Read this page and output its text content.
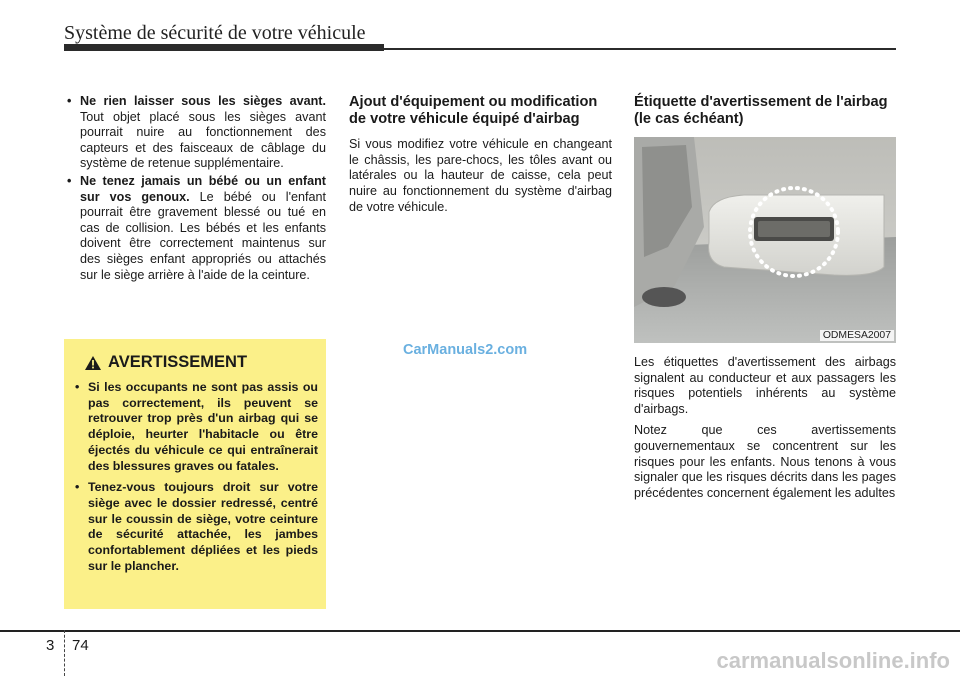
Système de sécurité de votre véhicule
• Ne rien laisser sous les sièges avant. Tout objet placé sous les sièges avant pourrait nuire au fonctionnement des capteurs et des faisceaux de câblage du système de retenue supplémentaire.
• Ne tenez jamais un bébé ou un enfant sur vos genoux. Le bébé ou l'enfant pourrait être gravement blessé ou tué en cas de collision. Les bébés et les enfants doivent être correctement maintenus sur des sièges enfant appropriés ou attachés sur le siège arrière à l'aide de la ceinture.
AVERTISSEMENT
• Si les occupants ne sont pas assis ou pas correctement, ils peuvent se retrouver trop près d'un airbag qui se déploie, heurter l'habitacle ou être éjectés du véhicule ce qui entraînerait des blessures graves ou fatales.
• Tenez-vous toujours droit sur votre siège avec le dossier redressé, centré sur le coussin de siège, votre ceinture de sécurité attachée, les jambes confortablement dépliées et les pieds sur le plancher.
Ajout d'équipement ou modification de votre véhicule équipé d'airbag

Si vous modifiez votre véhicule en changeant le châssis, les pare-chocs, les tôles avant ou latérales ou la hauteur de caisse, cela peut nuire au fonctionnement du système d'airbag de votre véhicule.

Étiquette d'avertissement de l'airbag (le cas échéant)
ODMESA2007

Les étiquettes d'avertissement des airbags signalent au conducteur et aux passagers les risques potentiels inhérents au système d'airbags.

Notez que ces avertissements gouvernementaux se concentrent sur les risques pour les enfants. Nous tenons à vous signaler que les risques décrits dans les pages précédentes concernent également les adultes

CarManuals2.com
3 74
carmanualsonline.info
